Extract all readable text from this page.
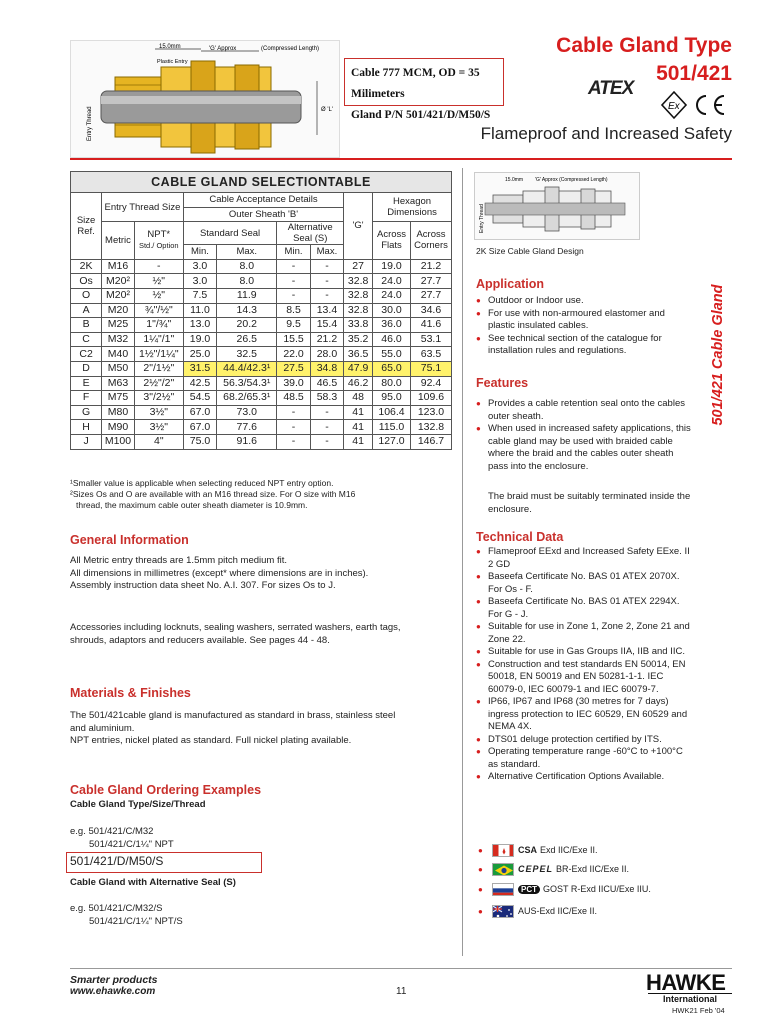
15.0mm	'G' Approx	(Compressed Length)
Plastic Entry
Ø 'L'
Entry Thread
Cable 777 MCM, OD = 35 Milimeters
Gland P/N 501/421/D/M50/S
Cable Gland Type
501/421
ATEX
Ex
Flameproof and Increased Safety
CABLE GLAND SELECTIONTABLE
Size Ref.	Entry Thread Size		Cable Acceptance Details				'G'	Hexagon Dimensions	
			Outer Sheath 'B'						
	Metric	NPT*
Std./ Option	Standard Seal		Alternative Seal (S)			Across Flats	Across Corners
			Min.	Max.	Min.	Max.			
2K	M16	-	3.0	8.0	-	-	27	19.0	21.2
Os	M20²	½"	3.0	8.0	-	-	32.8	24.0	27.7
O	M20²	½"	7.5	11.9	-	-	32.8	24.0	27.7
A	M20	¾"/½"	11.0	14.3	8.5	13.4	32.8	30.0	34.6
B	M25	1"/¾"	13.0	20.2	9.5	15.4	33.8	36.0	41.6
C	M32	1¼"/1"	19.0	26.5	15.5	21.2	35.2	46.0	53.1
C2	M40	1½"/1¼"	25.0	32.5	22.0	28.0	36.5	55.0	63.5
D	M50	2"/1½"	31.5	44.4/42.3¹	27.5	34.8	47.9	65.0	75.1
E	M63	2½"/2"	42.5	56.3/54.3¹	39.0	46.5	46.2	80.0	92.4
F	M75	3"/2½"	54.5	68.2/65.3¹	48.5	58.3	48	95.0	109.6
G	M80	3½"	67.0	73.0	-	-	41	106.4	123.0
H	M90	3½"	67.0	77.6	-	-	41	115.0	132.8
J	M100	4"	75.0	91.6	-	-	41	127.0	146.7
¹Smaller value is applicable when selecting reduced NPT entry option.
²Sizes Os and O are available with an M16 thread size. For O size with M16
thread, the maximum cable outer sheath diameter is 10.9mm.
General Information
All Metric entry threads are 1.5mm pitch medium fit.
All dimensions in millimetres (except* where dimensions are in inches).
Assembly instruction data sheet No. A.I. 307. For sizes Os to J.
Accessories including locknuts, sealing washers, serrated washers, earth tags,
shrouds, adaptors and reducers available. See pages 44 - 48.
Materials & Finishes
The 501/421cable gland is manufactured as standard in brass, stainless steel
and aluminium.
NPT entries, nickel plated as standard. Full nickel plating available.
Cable Gland Ordering Examples
Cable Gland Type/Size/Thread
e.g. 501/421/C/M32
501/421/C/1¼" NPT
501/421/D/M50/S
Cable Gland with Alternative Seal (S)
e.g. 501/421/C/M32/S
501/421/C/1¼" NPT/S
15.0mm 'G' Approx (Compressed Length)
Entry Thread
2K Size Cable Gland Design
501/421 Cable Gland
Application
● Outdoor or Indoor use.
● For use with non-armoured elastomer and plastic insulated cables.
● See technical section of the catalogue for installation rules and regulations.
Features
● Provides a cable retention seal onto the cables outer sheath.
● When used in increased safety applications, this cable gland may be used with braided cable where the braid and the cables outer sheath pass into the enclosure.
The braid must be suitably terminated inside the enclosure.
Technical Data
● Flameproof EExd and Increased Safety EExe. II 2 GD
● Baseefa Certificate No. BAS 01 ATEX 2070X. For Os - F.
● Baseefa Certificate No. BAS 01 ATEX 2294X. For G - J.
● Suitable for use in Zone 1, Zone 2, Zone 21 and Zone 22.
● Suitable for use in Gas Groups IIA, IIB and IIC.
● Construction and test standards EN 50014, EN 50018, EN 50019 and EN 50281-1-1. IEC 60079-0, IEC 60079-1 and IEC 60079-7.
● IP66, IP67 and IP68 (30 metres for 7 days) ingress protection to IEC 60529, EN 60529 and NEMA 4X.
● DTS01 deluge protection certified by ITS.
● Operating temperature range -60°C to +100°C as standard.
● Alternative Certification Options Available.
●	CSA Exd IIC/Exe II.
●	CEPEL BR-Exd IIC/Exe II.
●	PCT GOST R-Exd IICU/Exe IIU.
●	AUS-Exd IIC/Exe II.
Smarter products
www.ehawke.com	11	HAWKE
International
HWK21 Feb '04
